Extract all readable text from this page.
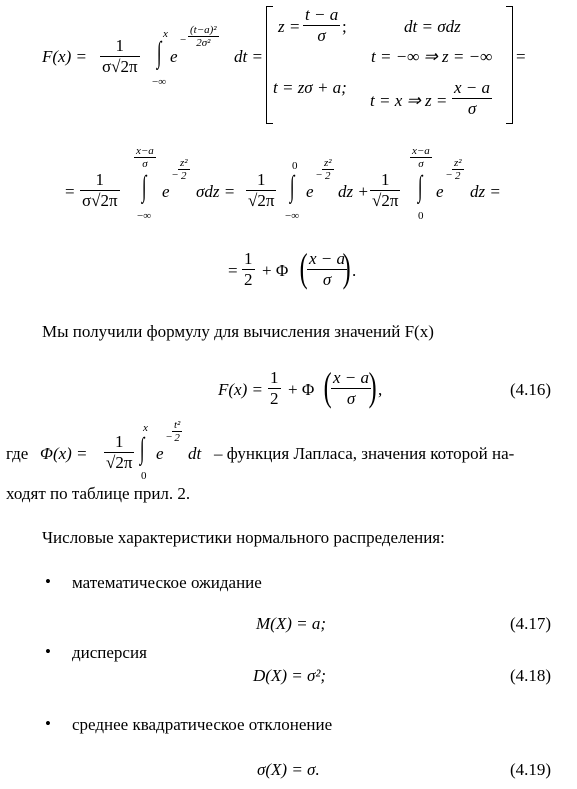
$F(x) = \frac{1}{\sigma√2\pi}$
x
∫
−∞
e
− $\frac{\text{(t−a)²}}{\text{2σ²}}$
dt =
$z = \frac{t - a}{\sigma}$ ;	dt = σdz
t = −∞ ⇒ z = −∞
t = zσ + a;
t = x ⇒ $z = \frac{x - a}{\sigma}$
=
= $\frac{1}{\sigma√2\pi}$
$\frac{x-a}{\sigma}$
∫
−∞
e
− $\frac{\text{z²}}{2}$
$\sigma dz = \frac{1}{√2\pi}$
0
∫
−∞
e
− $\frac{\text{z²}}{2}$
dz + $\frac{1}{√2\pi}$
$\frac{x-a}{\sigma}$
∫
0
e
− $\frac{\text{z²}}{2}$
dz =
= $\frac{1}{2} + \Phi$ ( $\frac{x - a}{\sigma}$
) .
Мы получили формулу для вычисления значений F(x)
$F(x) = \frac{1}{2} + \Phi$ ( $\frac{x - a}{\sigma}$
) ,	(4.16)
где $\Phi(x) = \frac{1}{√2\pi}$
x
∫
0
e
− $\frac{\text{t²}}{2}$
dt – функция Лапласа, значения которой на-
ходят по таблице прил. 2.
Числовые характеристики нормального распределения:
• математическое ожидание
M(X) = a;	(4.17)
• дисперсия
D(X) = σ²;	(4.18)
• среднее квадратическое отклонение
σ(X) = σ.	(4.19)
